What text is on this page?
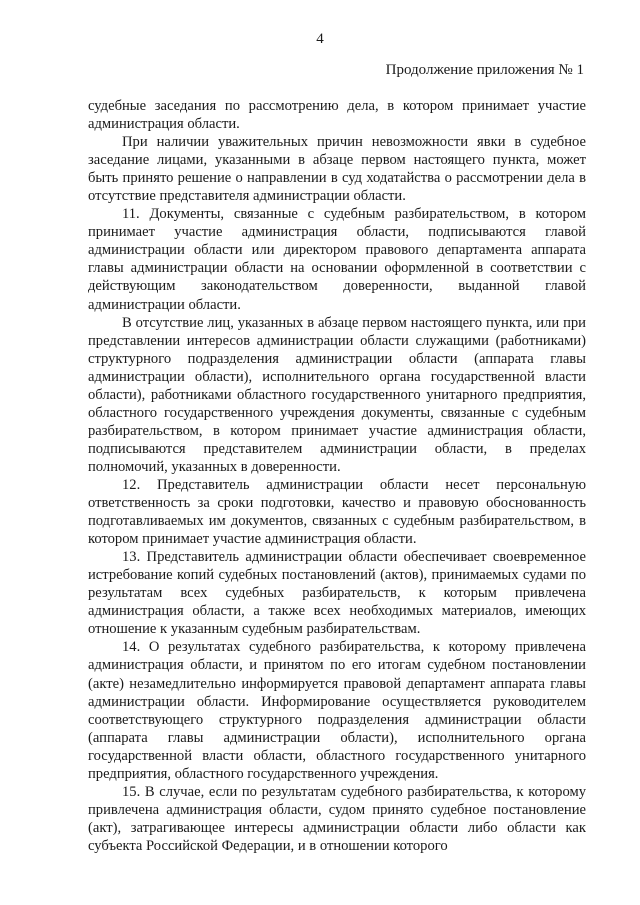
4
Продолжение приложения № 1

судебные заседания по рассмотрению дела, в котором принимает участие администрация области.

При наличии уважительных причин невозможности явки в судебное заседание лицами, указанными в абзаце первом настоящего пункта, может быть принято решение о направлении в суд ходатайства о рассмотрении дела в отсутствие представителя администрации области.

11. Документы, связанные с судебным разбирательством, в котором принимает участие администрация области, подписываются главой администрации области или директором правового департамента аппарата главы администрации области на основании оформленной в соответствии с действующим законодательством доверенности, выданной главой администрации области.

В отсутствие лиц, указанных в абзаце первом настоящего пункта, или при представлении интересов администрации области служащими (работниками) структурного подразделения администрации области (аппарата главы администрации области), исполнительного органа государственной власти области), работниками областного государственного унитарного предприятия, областного государственного учреждения документы, связанные с судебным разбирательством, в котором принимает участие администрация области, подписываются представителем администрации области, в пределах полномочий, указанных в доверенности.

12. Представитель администрации области несет персональную ответственность за сроки подготовки, качество и правовую обоснованность подготавливаемых им документов, связанных с судебным разбирательством, в котором принимает участие администрация области.

13. Представитель администрации области обеспечивает своевременное истребование копий судебных постановлений (актов), принимаемых судами по результатам всех судебных разбирательств, к которым привлечена администрация области, а также всех необходимых материалов, имеющих отношение к указанным судебным разбирательствам.

14. О результатах судебного разбирательства, к которому привлечена администрация области, и принятом по его итогам судебном постановлении (акте) незамедлительно информируется правовой департамент аппарата главы администрации области. Информирование осуществляется руководителем соответствующего структурного подразделения администрации области (аппарата главы администрации области), исполнительного органа государственной власти области, областного государственного унитарного предприятия, областного государственного учреждения.

15. В случае, если по результатам судебного разбирательства, к которому привлечена администрация области, судом принято судебное постановление (акт), затрагивающее интересы администрации области либо области как субъекта Российской Федерации, и в отношении которого
